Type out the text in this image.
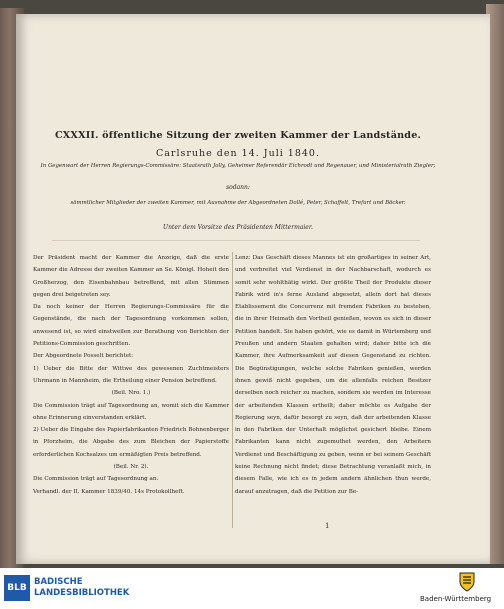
CXXXII. öffentliche Sitzung der zweiten Kammer der Landstände.
Carlsruhe den 14. Juli 1840.
In Gegenwart der Herren Regierungs-Commissäre: Staatsrath Jolly, Geheimer Referendär Eichrodt und Regenauer, und Ministerialrath Ziegler;
sodann:
sämmtlicher Mitglieder der zweiten Kammer, mit Ausnahme der Abgeordneten Dollé, Peter, Schaffelt, Trefurt und Böcker.
Unter dem Vorsitze des Präsidenten Mittermaier.

Der Präsident macht der Kammer die Anzeige, daß die erste Kammer die Adresse der zweiten Kammer an Se. Königl. Hoheit den Großherzog, den Eisenbahnbau betreffend, mit allen Stimmen gegen drei beigetreten sey.

Da noch keiner der Herren Regierungs-Commissäre für die Gegenstände, die nach der Tagesordnung vorkommen sollen, anwesend ist, so wird einstweilen zur Berathung von Berichten der Petitions-Commission geschritten.

Der Abgeordnete Posselt berichtet:

1) Ueber die Bitte der Wittwe des gewesenen Zuchtmeisters Uhrmann in Mannheim, die Ertheilung einer Pension betreffend.

(Beil. Nro. 1.)

Die Commission trägt auf Tagesordnung an, womit sich die Kammer ohne Erinnerung einverstanden erklärt.

2) Ueber die Eingabe des Papierfabrikanten Friedrich Bohnenberger in Pforzheim, die Abgabe des zum Bleichen der Papierstoffe erforderlichen Kochsalzes um ermäßigten Preis betreffend.

(Beil. Nr. 2).

Die Commission trägt auf Tagesordnung an.

Verhandl. der II. Kammer 1839/40. 14s Protokollheft.

Lenz: Das Geschäft dieses Mannes ist ein großartiges in seiner Art, und verbreitet viel Verdienst in der Nachbarschaft, wodurch es somit sehr wohlthätig wirkt. Der größte Theil der Produkte dieser Fabrik wird in's ferne Ausland abgesetzt, allein dort hat dieses Etablissement die Concurrenz mit fremden Fabriken zu bestehen, die in ihrer Heimath den Vortheil genießen, wovon es sich in dieser Petition handelt. Sie haben gehört, wie es damit in Würtemberg und Preußen und andern Staaten gehalten wird; daher bitte ich die Kammer, ihre Aufmerksamkeit auf diesen Gegenstand zu richten. Die Begünstigungen, welche solche Fabriken genießen, werden ihnen gewiß nicht gegeben, um die allenfalls reichen Besitzer derselben noch reicher zu machen, sondern sie werden im Interesse der arbeitenden Klassen ertheilt; daher möchte es Aufgabe der Regierung seyn, dafür besorgt zu seyn, daß der arbeitenden Klasse in den Fabriken der Unterhalt möglichst gesichert bleibe. Einem Fabrikanten kann nicht zugemuthet werden, den Arbeitern Verdienst und Beschäftigung zu geben, wenn er bei seinem Geschäft keine Rechnung nicht findet; diese Betrachtung veranlaßt mich, in diesem Falle, wie ich es in jedem andern ähnlichen thun werde, darauf anzutragen, daß die Petition zur Be-

1
BLB
BADISCHE
LANDESBIBLIOTHEK
Baden-Württemberg
